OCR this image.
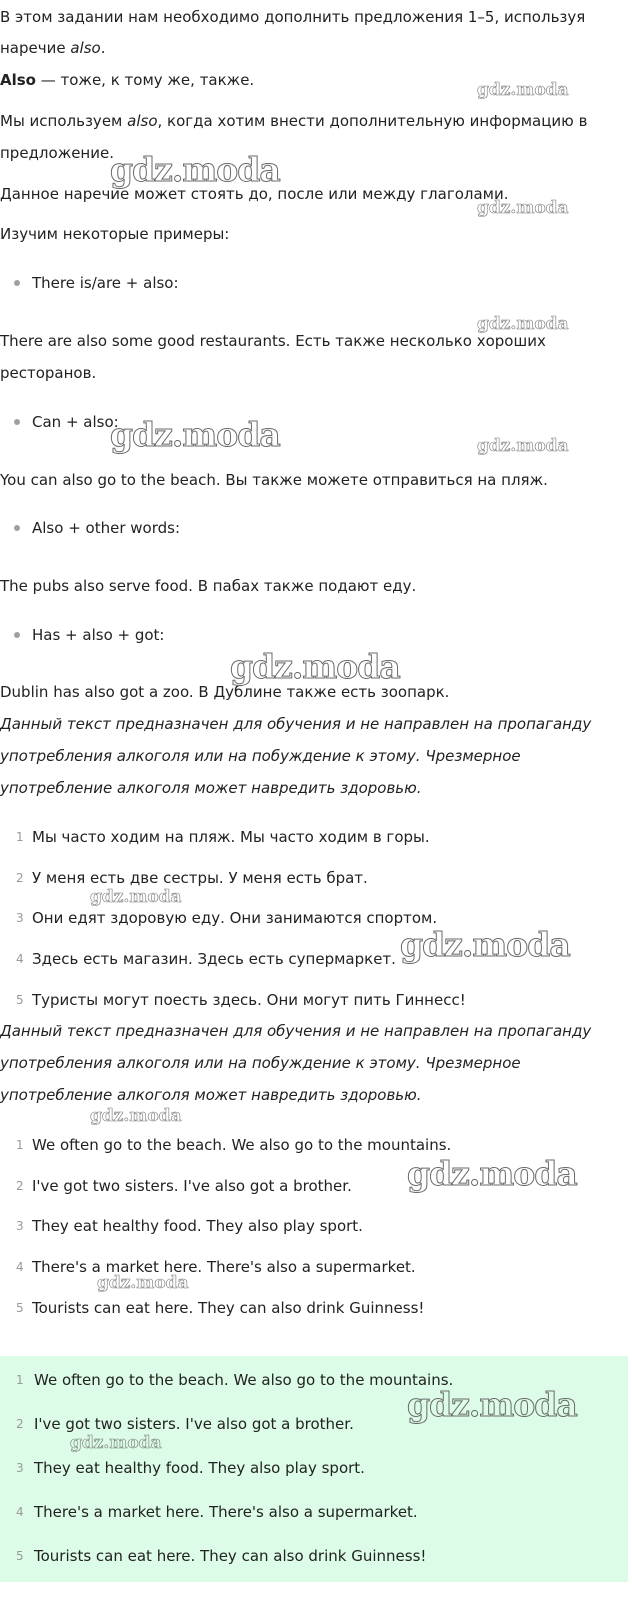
В этом задании нам необходимо дополнить предложения 1–5, используя
наречие also.
Also — тоже, к тому же, также.
Мы используем also, когда хотим внести дополнительную информацию в
предложение.
Данное наречие может стоять до, после или между глаголами.
Изучим некоторые примеры:
There is/are + also:
There are also some good restaurants. Есть также несколько хороших
ресторанов.
Can + also:
You can also go to the beach. Вы также можете отправиться на пляж.
Also + other words:
The pubs also serve food. В пабах также подают еду.
Has + also + got:
Dublin has also got a zoo. В Дублине также есть зоопарк.
Данный текст предназначен для обучения и не направлен на пропаганду
употребления алкоголя или на побуждение к этому. Чрезмерное
употребление алкоголя может навредить здоровью.
1 Мы часто ходим на пляж. Мы часто ходим в горы.
2 У меня есть две сестры. У меня есть брат.
3 Они едят здоровую еду. Они занимаются спортом.
4 Здесь есть магазин. Здесь есть супермаркет.
5 Туристы могут поесть здесь. Они могут пить Гиннесс!
Данный текст предназначен для обучения и не направлен на пропаганду
употребления алкоголя или на побуждение к этому. Чрезмерное
употребление алкоголя может навредить здоровью.
1 We often go to the beach. We also go to the mountains.
2 I've got two sisters. I've also got a brother.
3 They eat healthy food. They also play sport.
4 There's a market here. There's also a supermarket.
5 Tourists can eat here. They can also drink Guinness!
1 We often go to the beach. We also go to the mountains.
2 I've got two sisters. I've also got a brother.
3 They eat healthy food. They also play sport.
4 There's a market here. There's also a supermarket.
5 Tourists can eat here. They can also drink Guinness!
gdz.moda
gdz.moda
gdz.moda
gdz.moda
gdz.moda	gdz.moda
gdz.moda
gdz.moda
gdz.moda
gdz.moda
gdz.moda
gdz.moda
gdz.moda
gdz.moda
